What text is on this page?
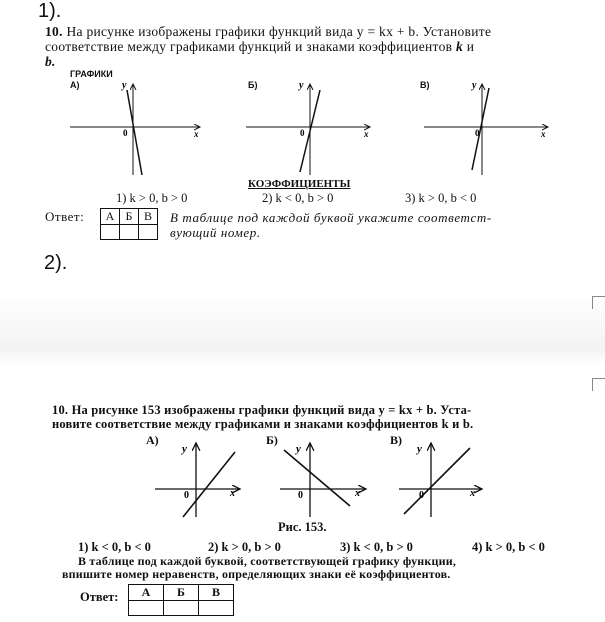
1).
10. На рисунке изображены графики функций вида y = kx + b. Установите
соответствие между графиками функций и знаками коэффициентов k и
b.
ГРАФИКИ
А)	Б)	В)
y
0	x
y
0	x
y
0	x
y
0	x
y
0	x
y
0	x
КОЭФФИЦИЕНТЫ
1) k > 0, b > 0	2) k < 0, b > 0	3) k > 0, b < 0
Ответ: А	Б	В
		В таблице под каждой буквой укажите соответст-
вующий номер.
2).
10. На рисунке 153 изображены графики функций вида y = kx + b. Уста-
новите соответствие между графиками и знаками коэффициентов k и b.
А)	Б)	В)
Рис. 153.
1) k < 0, b < 0	2) k > 0, b > 0	3) k < 0, b > 0	4) k > 0, b < 0
В таблице под каждой буквой, соответствующей графику функции,
впишите номер неравенств, определяющих знаки её коэффициентов.
Ответ: А	Б	В
